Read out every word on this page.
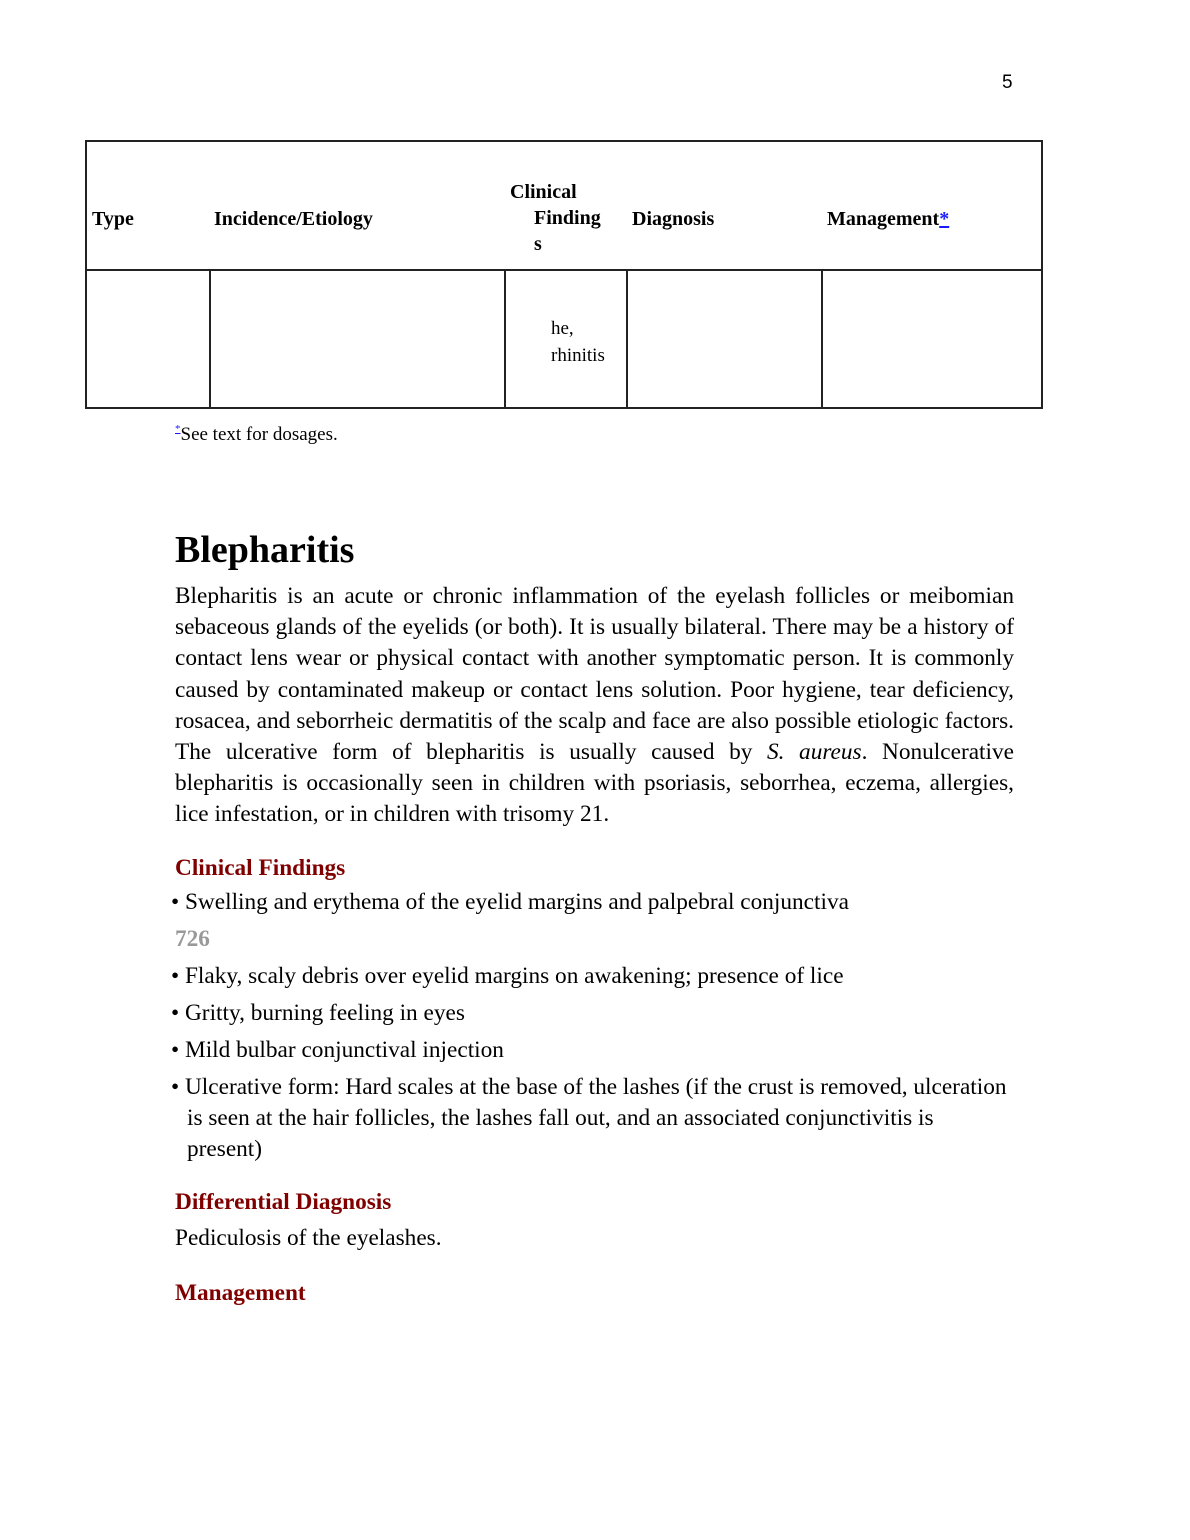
5
Type	Incidence/Etiology
Clinical
Finding
s
Diagnosis	Management*
he,
rhinitis
*See text for dosages.
Blepharitis

Blepharitis is an acute or chronic inflammation of the eyelash follicles or meibomian sebaceous glands of the eyelids (or both). It is usually bilateral. There may be a history of contact lens wear or physical contact with another symptomatic person. It is commonly caused by contaminated makeup or contact lens solution. Poor hygiene, tear deficiency, rosacea, and seborrheic dermatitis of the scalp and face are also possible etiologic factors. The ulcerative form of blepharitis is usually caused by S. aureus. Nonulcerative blepharitis is occasionally seen in children with psoriasis, seborrhea, eczema, allergies, lice infestation, or in children with trisomy 21.

Clinical Findings
• Swelling and erythema of the eyelid margins and palpebral conjunctiva
726
• Flaky, scaly debris over eyelid margins on awakening; presence of lice
• Gritty, burning feeling in eyes
• Mild bulbar conjunctival injection
• Ulcerative form: Hard scales at the base of the lashes (if the crust is removed, ulceration is seen at the hair follicles, the lashes fall out, and an associated conjunctivitis is present)
Differential Diagnosis

Pediculosis of the eyelashes.

Management
